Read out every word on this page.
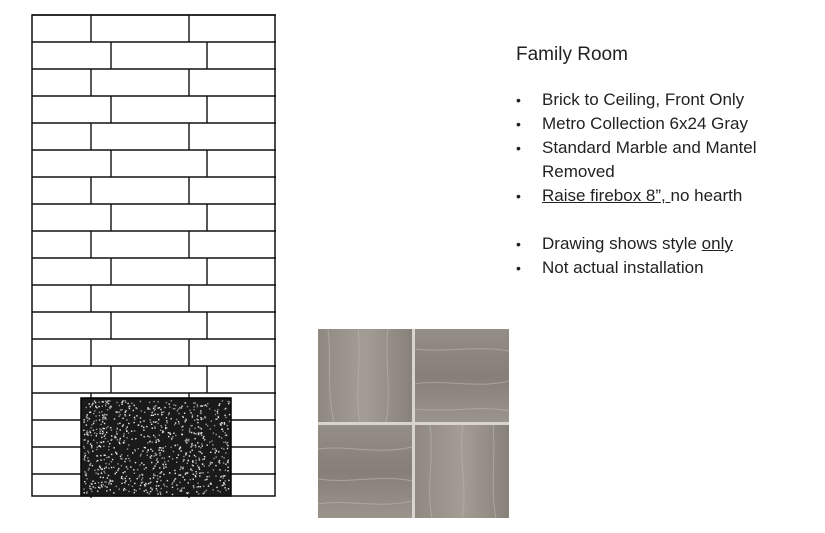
Family Room
• Brick to Ceiling, Front Only
• Metro Collection 6x24 Gray
• Standard Marble and Mantel Removed
• Raise firebox 8”, no hearth
• Drawing shows style only
• Not actual installation
